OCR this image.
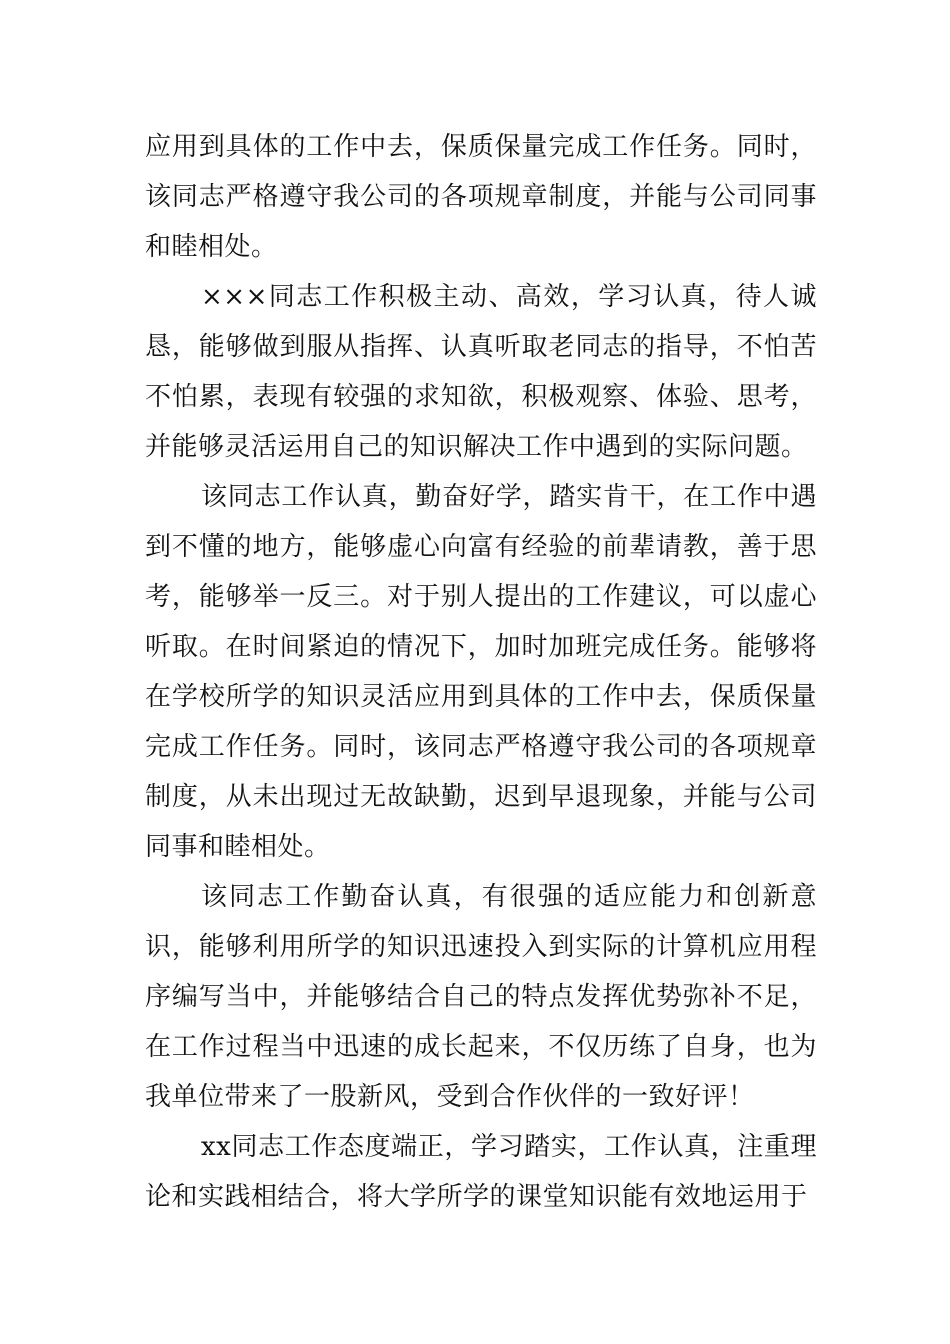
应用到具体的工作中去，保质保量完成工作任务。同时，该同志严格遵守我公司的各项规章制度，并能与公司同事和睦相处。

×××同志工作积极主动、高效，学习认真，待人诚恳，能够做到服从指挥、认真听取老同志的指导，不怕苦不怕累，表现有较强的求知欲，积极观察、体验、思考，并能够灵活运用自己的知识解决工作中遇到的实际问题。

该同志工作认真，勤奋好学，踏实肯干，在工作中遇到不懂的地方，能够虚心向富有经验的前辈请教，善于思考，能够举一反三。对于别人提出的工作建议，可以虚心听取。在时间紧迫的情况下，加时加班完成任务。能够将在学校所学的知识灵活应用到具体的工作中去，保质保量完成工作任务。同时，该同志严格遵守我公司的各项规章制度，从未出现过无故缺勤，迟到早退现象，并能与公司同事和睦相处。

该同志工作勤奋认真，有很强的适应能力和创新意识，能够利用所学的知识迅速投入到实际的计算机应用程序编写当中，并能够结合自己的特点发挥优势弥补不足，在工作过程当中迅速的成长起来，不仅历练了自身，也为我单位带来了一股新风，受到合作伙伴的一致好评！

xx同志工作态度端正，学习踏实，工作认真，注重理论和实践相结合，将大学所学的课堂知识能有效地运用于
